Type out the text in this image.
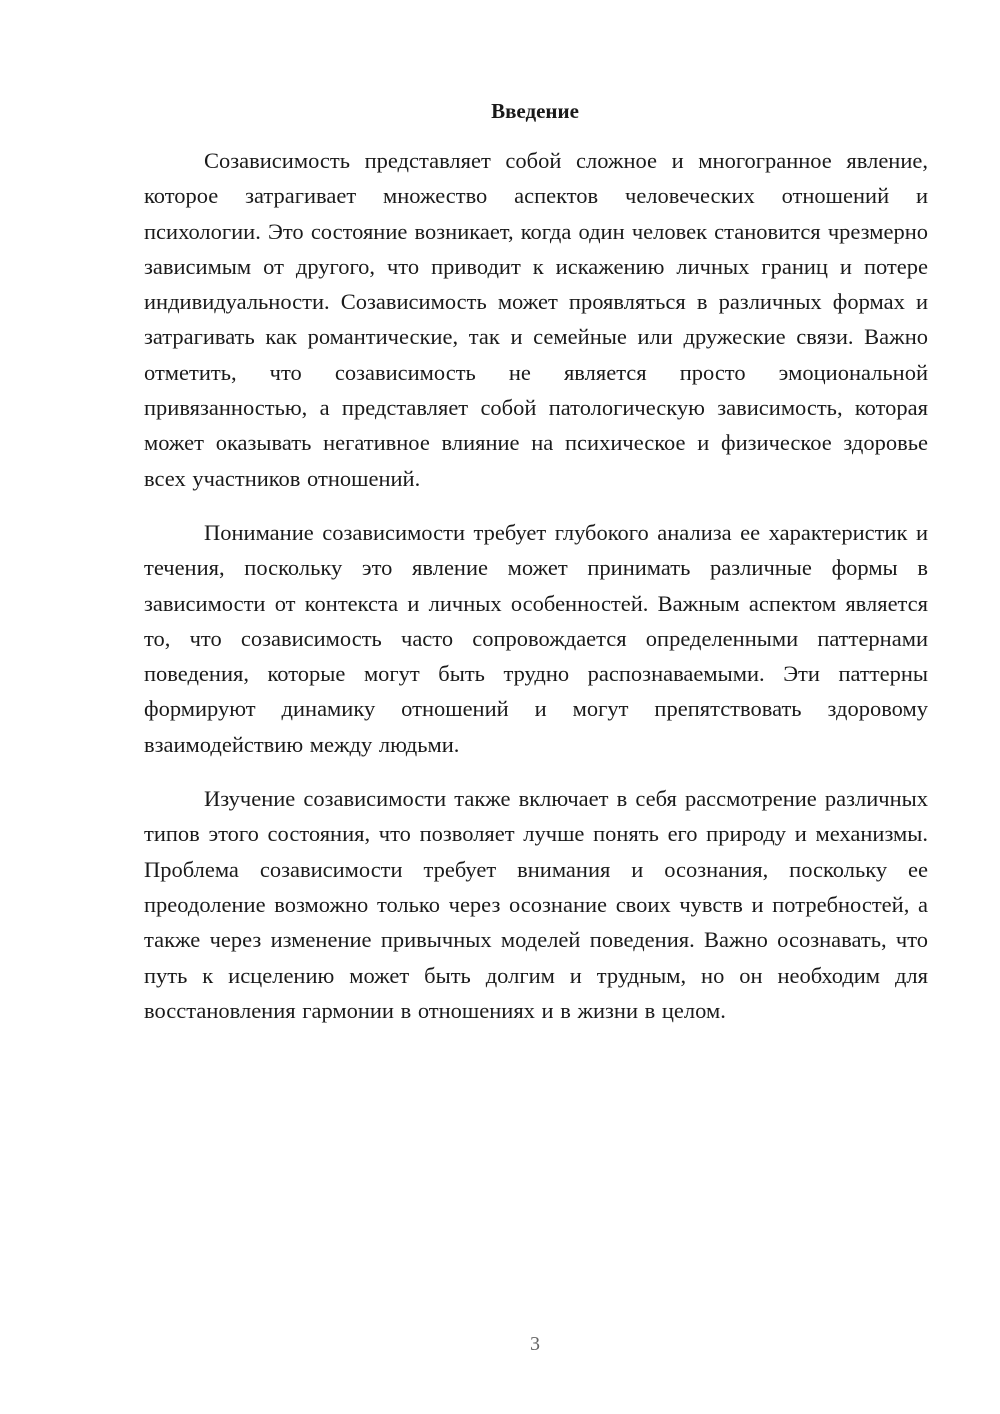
Введение

Созависимость представляет собой сложное и многогранное явление, которое затрагивает множество аспектов человеческих отношений и психологии. Это состояние возникает, когда один человек становится чрезмерно зависимым от другого, что приводит к искажению личных границ и потере индивидуальности. Созависимость может проявляться в различных формах и затрагивать как романтические, так и семейные или дружеские связи. Важно отметить, что созависимость не является просто эмоциональной привязанностью, а представляет собой патологическую зависимость, которая может оказывать негативное влияние на психическое и физическое здоровье всех участников отношений.

Понимание созависимости требует глубокого анализа ее характеристик и течения, поскольку это явление может принимать различные формы в зависимости от контекста и личных особенностей. Важным аспектом является то, что созависимость часто сопровождается определенными паттернами поведения, которые могут быть трудно распознаваемыми. Эти паттерны формируют динамику отношений и могут препятствовать здоровому взаимодействию между людьми.

Изучение созависимости также включает в себя рассмотрение различных типов этого состояния, что позволяет лучше понять его природу и механизмы. Проблема созависимости требует внимания и осознания, поскольку ее преодоление возможно только через осознание своих чувств и потребностей, а также через изменение привычных моделей поведения. Важно осознавать, что путь к исцелению может быть долгим и трудным, но он необходим для восстановления гармонии в отношениях и в жизни в целом.

3
